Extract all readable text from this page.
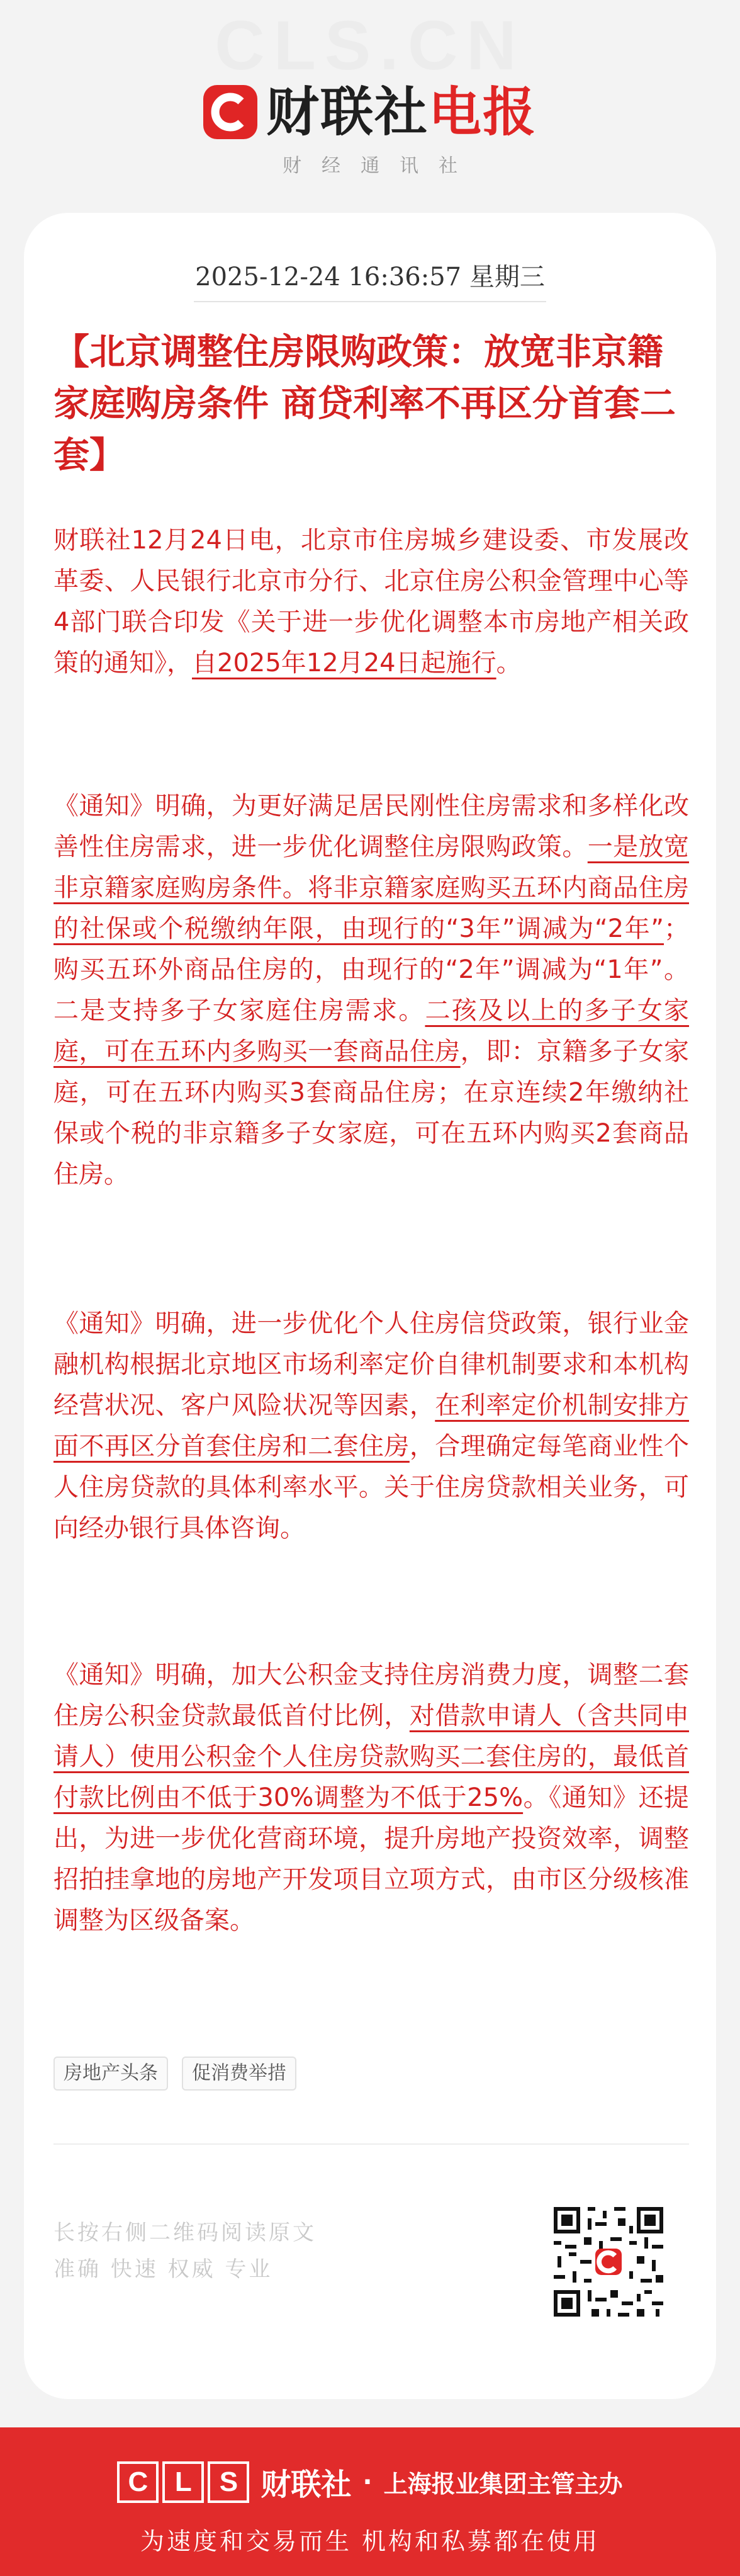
CLS.CN
财联社电报
财经通讯社
2025-12-24 16:36:57 星期三
【北京调整住房限购政策：放宽非京籍家庭购房条件 商贷利率不再区分首套二套】

财联社12月24日电，北京市住房城乡建设委、市发展改革委、人民银行北京市分行、北京住房公积金管理中心等4部门联合印发《关于进一步优化调整本市房地产相关政策的通知》，自2025年12月24日起施行。

《通知》明确，为更好满足居民刚性住房需求和多样化改善性住房需求，进一步优化调整住房限购政策。一是放宽非京籍家庭购房条件。将非京籍家庭购买五环内商品住房的社保或个税缴纳年限，由现行的“3年”调减为“2年”；购买五环外商品住房的，由现行的“2年”调减为“1年”。二是支持多子女家庭住房需求。二孩及以上的多子女家庭，可在五环内多购买一套商品住房，即：京籍多子女家庭，可在五环内购买3套商品住房；在京连续2年缴纳社保或个税的非京籍多子女家庭，可在五环内购买2套商品住房。

《通知》明确，进一步优化个人住房信贷政策，银行业金融机构根据北京地区市场利率定价自律机制要求和本机构经营状况、客户风险状况等因素，在利率定价机制安排方面不再区分首套住房和二套住房，合理确定每笔商业性个人住房贷款的具体利率水平。关于住房贷款相关业务，可向经办银行具体咨询。

《通知》明确，加大公积金支持住房消费力度，调整二套住房公积金贷款最低首付比例，对借款申请人（含共同申请人）使用公积金个人住房贷款购买二套住房的，最低首付款比例由不低于30%调整为不低于25%。《通知》还提出，为进一步优化营商环境，提升房地产投资效率，调整招拍挂拿地的房地产开发项目立项方式，由市区分级核准调整为区级备案。

房地产头条	促消费举措
长按右侧二维码阅读原文
准确 快速 权威 专业
C L S 财联社 · 上海报业集团主管主办
为速度和交易而生 机构和私募都在使用
